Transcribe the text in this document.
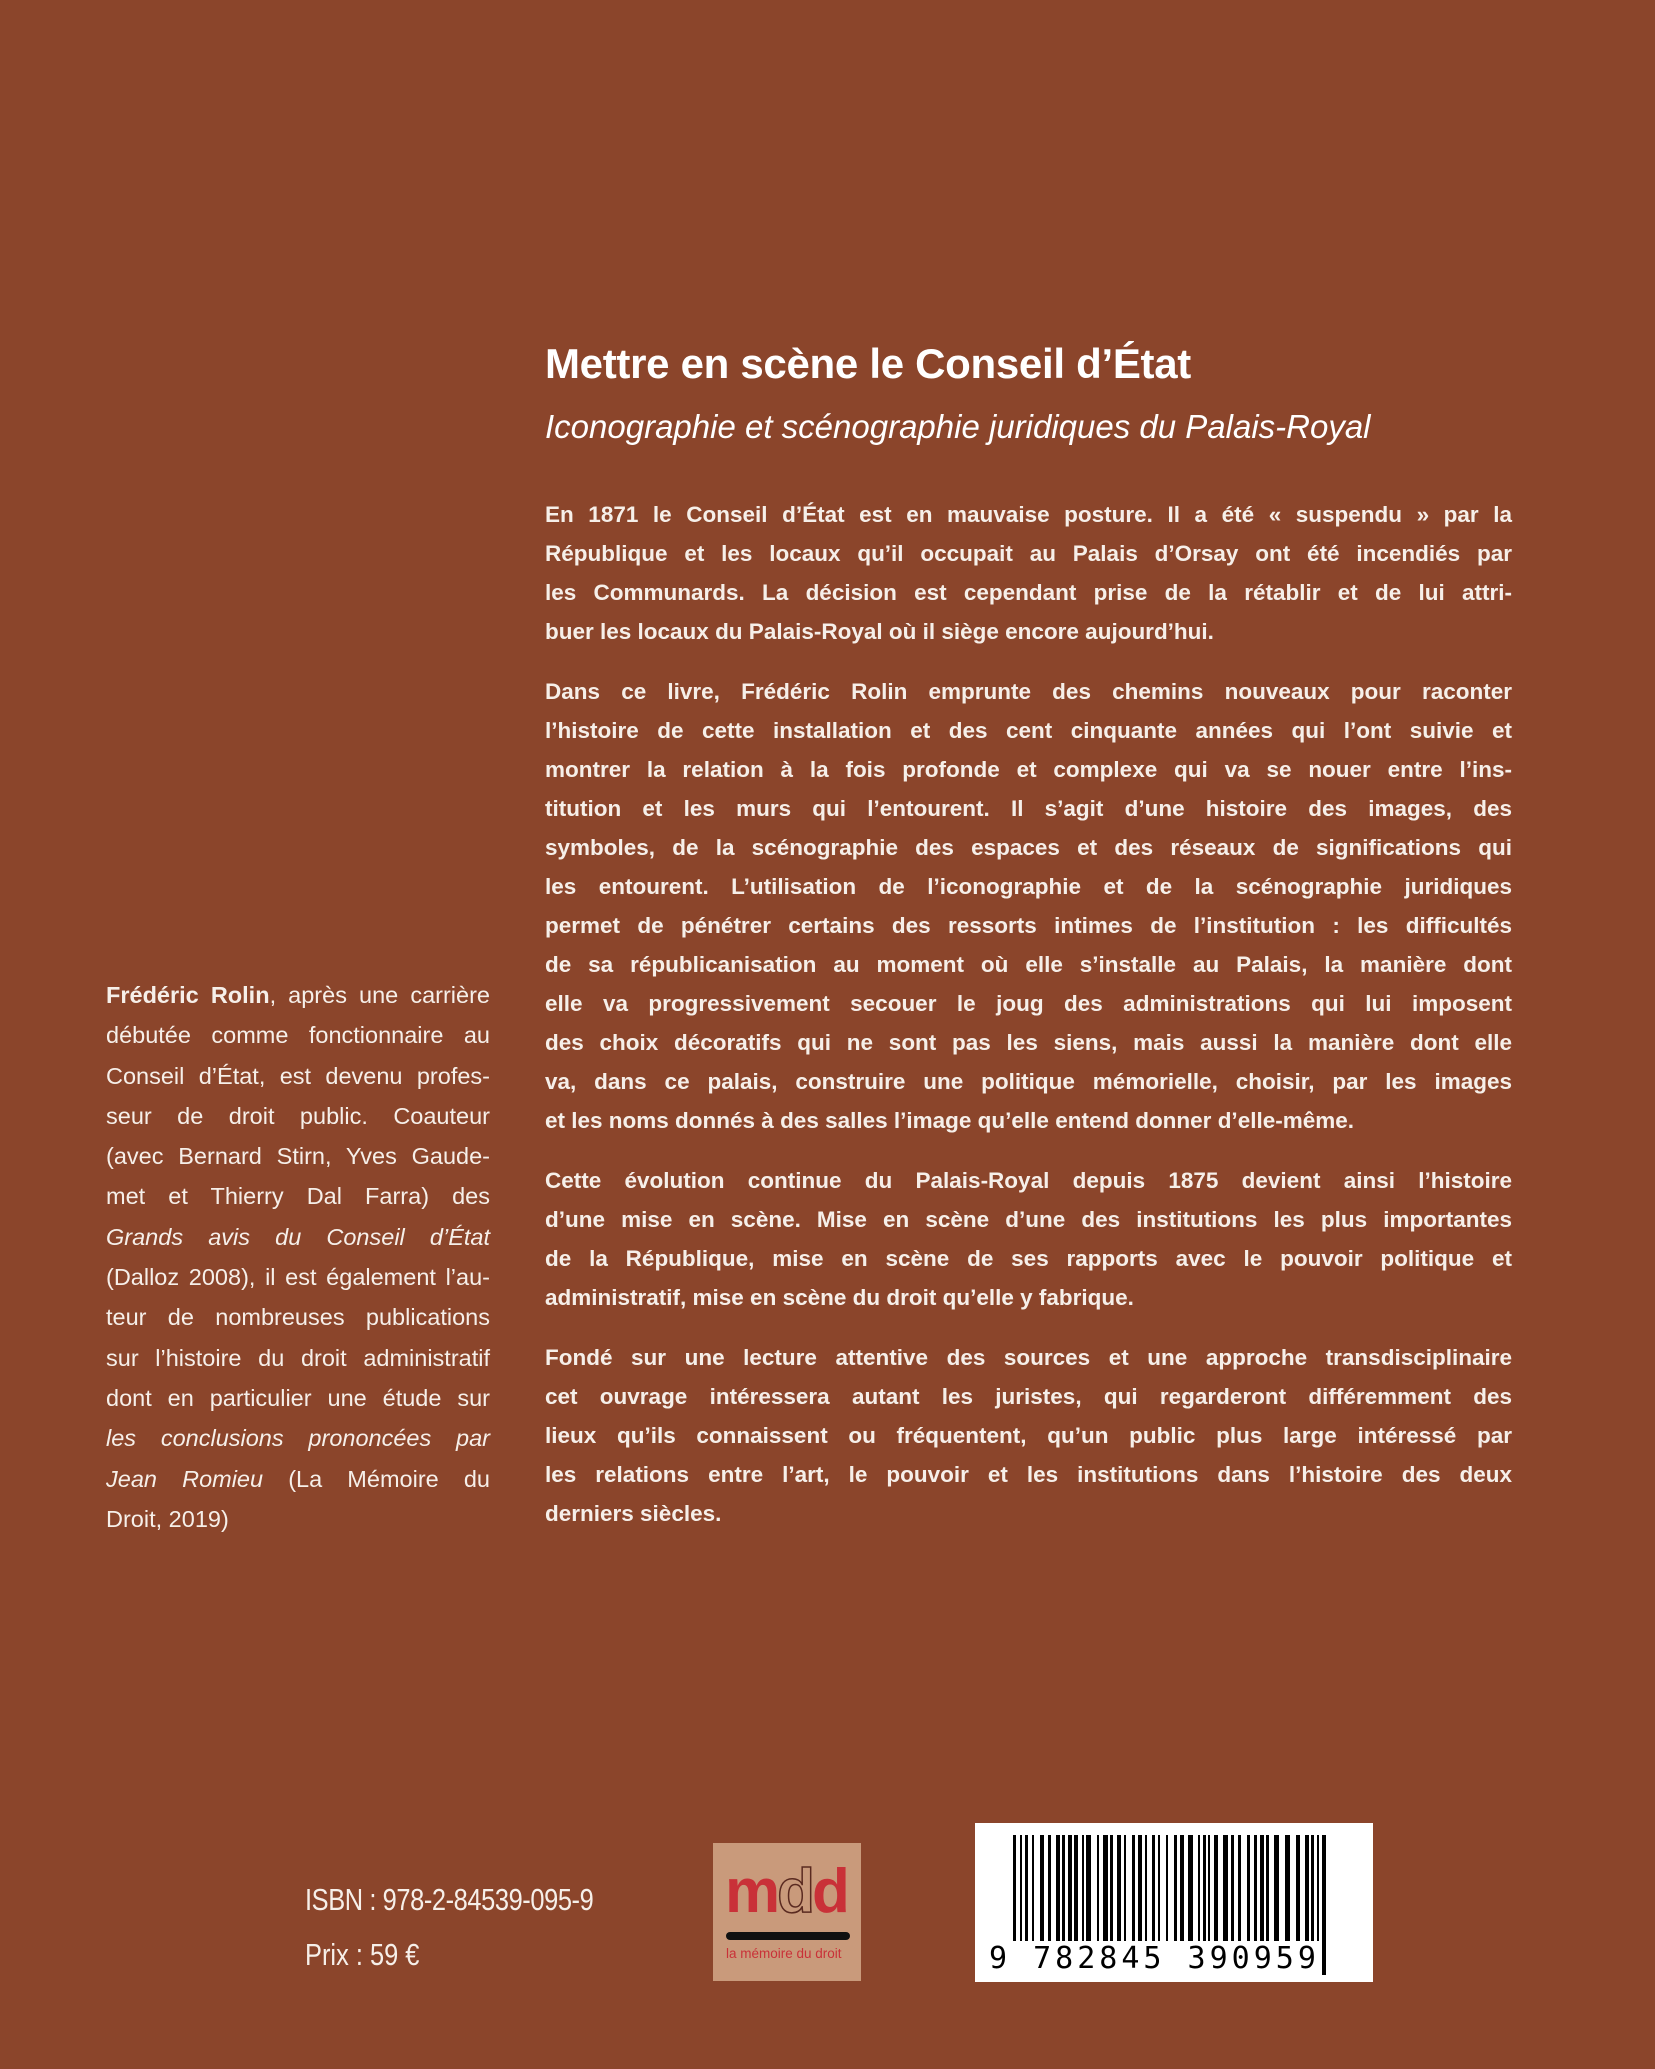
Mettre en scène le Conseil d’État
Iconographie et scénographie juridiques du Palais-Royal
En 1871 le Conseil d’État est en mauvaise posture. Il a été « suspendu » par la
République et les locaux qu’il occupait au Palais d’Orsay ont été incendiés par
les Communards. La décision est cependant prise de la rétablir et de lui attri-
buer les locaux du Palais-Royal où il siège encore aujourd’hui.
Dans ce livre, Frédéric Rolin emprunte des chemins nouveaux pour raconter
l’histoire de cette installation et des cent cinquante années qui l’ont suivie et
montrer la relation à la fois profonde et complexe qui va se nouer entre l’ins-
titution et les murs qui l’entourent. Il s’agit d’une histoire des images, des
symboles, de la scénographie des espaces et des réseaux de significations qui
les entourent. L’utilisation de l’iconographie et de la scénographie juridiques
permet de pénétrer certains des ressorts intimes de l’institution : les difficultés
de sa républicanisation au moment où elle s’installe au Palais, la manière dont
elle va progressivement secouer le joug des administrations qui lui imposent
des choix décoratifs qui ne sont pas les siens, mais aussi la manière dont elle
va, dans ce palais, construire une politique mémorielle, choisir, par les images
et les noms donnés à des salles l’image qu’elle entend donner d’elle-même.
Cette évolution continue du Palais-Royal depuis 1875 devient ainsi l’histoire
d’une mise en scène. Mise en scène d’une des institutions les plus importantes
de la République, mise en scène de ses rapports avec le pouvoir politique et
administratif, mise en scène du droit qu’elle y fabrique.
Fondé sur une lecture attentive des sources et une approche transdisciplinaire
cet ouvrage intéressera autant les juristes, qui regarderont différemment des
lieux qu’ils connaissent ou fréquentent, qu’un public plus large intéressé par
les relations entre l’art, le pouvoir et les institutions dans l’histoire des deux
derniers siècles.
Frédéric Rolin, après une carrière
débutée comme fonctionnaire au
Conseil d’État, est devenu profes-
seur de droit public. Coauteur
(avec Bernard Stirn, Yves Gaude-
met et Thierry Dal Farra) des
Grands avis du Conseil d’État
(Dalloz 2008), il est également l’au-
teur de nombreuses publications
sur l’histoire du droit administratif
dont en particulier une étude sur
les conclusions prononcées par
Jean Romieu (La Mémoire du
Droit, 2019)
ISBN : 978-2-84539-095-9
Prix : 59 €
mdd
la mémoire du droit	9 782845 390959
